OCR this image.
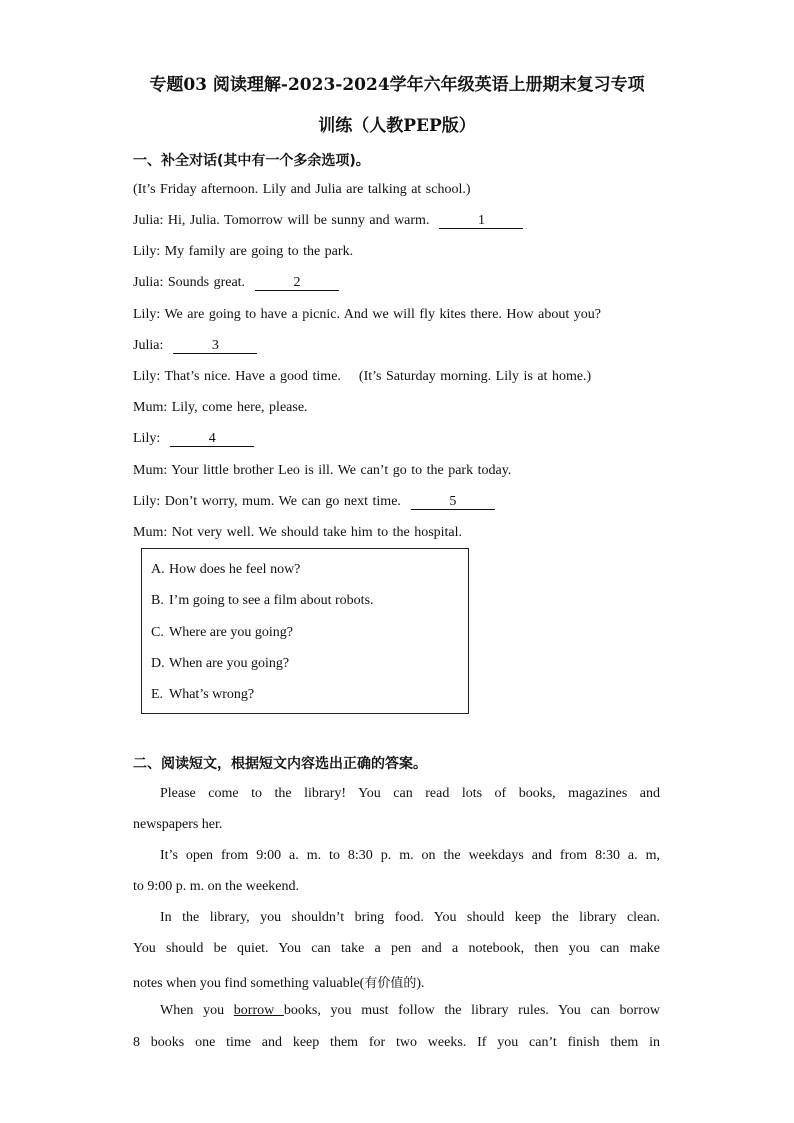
专题03 阅读理解-2023-2024学年六年级英语上册期末复习专项
训练（人教PEP版）
一、补全对话(其中有一个多余选项)。
(It’s Friday afternoon. Lily and Julia are talking at school.)
Julia: Hi, Julia. Tomorrow will be sunny and warm.	1
Lily: My family are going to the park.
Julia: Sounds great.	2
Lily: We are going to have a picnic. And we will fly kites there. How about you?
Julia:	3
Lily: That’s nice. Have a good time.    (It’s Saturday morning. Lily is at home.)
Mum: Lily, come here, please.
Lily:	4
Mum: Your little brother Leo is ill. We can’t go to the park today.
Lily: Don’t worry, mum. We can go next time.	5
Mum: Not very well. We should take him to the hospital.
A. How does he feel now?
B. I’m going to see a film about robots.
C. Where are you going?
D. When are you going?
E. What’s wrong?
二、阅读短文，根据短文内容选出正确的答案。
Please come to the library! You can read lots of books, magazines and
newspapers her.
It’s open from 9:00 a. m. to 8:30 p. m. on the weekdays and from 8:30 a. m,
to 9:00 p. m. on the weekend.
In the library, you shouldn’t bring food. You should keep the library clean.
You should be quiet. You can take a pen and a notebook, then you can make
notes when you find something valuable(有价值的).
When you borrow books, you must follow the library rules. You can borrow
8 books one time and keep them for two weeks. If you can’t finish them in
